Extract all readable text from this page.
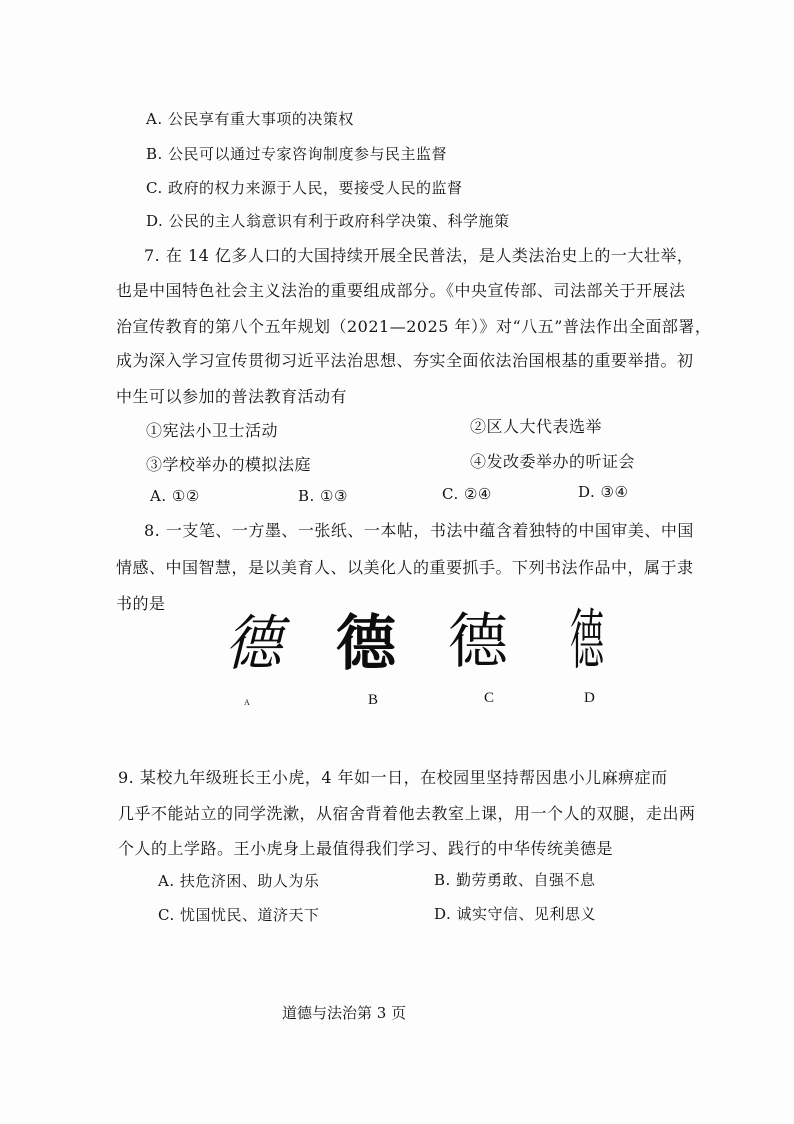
A. 公民享有重大事项的决策权
B. 公民可以通过专家咨询制度参与民主监督
C. 政府的权力来源于人民，要接受人民的监督
D. 公民的主人翁意识有利于政府科学决策、科学施策
7. 在 14 亿多人口的大国持续开展全民普法，是人类法治史上的一大壮举，
也是中国特色社会主义法治的重要组成部分。《中央宣传部、司法部关于开展法
治宣传教育的第八个五年规划（2021—2025 年）》对“八五”普法作出全面部署，
成为深入学习宣传贯彻习近平法治思想、夯实全面依法治国根基的重要举措。初
中生可以参加的普法教育活动有
①宪法小卫士活动	②区人大代表选举
③学校举办的模拟法庭	④发改委举办的听证会
A. ①②	B. ①③	C. ②④	D. ③④
8. 一支笔、一方墨、一张纸、一本帖，书法中蕴含着独特的中国审美、中国
情感、中国智慧，是以美育人、以美化人的重要抓手。下列书法作品中，属于隶
书的是
德 德 德 德
A	B	C	D
9. 某校九年级班长王小虎，4 年如一日，在校园里坚持帮因患小儿麻痹症而
几乎不能站立的同学洗漱，从宿舍背着他去教室上课，用一个人的双腿，走出两
个人的上学路。王小虎身上最值得我们学习、践行的中华传统美德是
A. 扶危济困、助人为乐	B. 勤劳勇敢、自强不息
C. 忧国忧民、道济天下	D. 诚实守信、见利思义
道德与法治第 3 页
